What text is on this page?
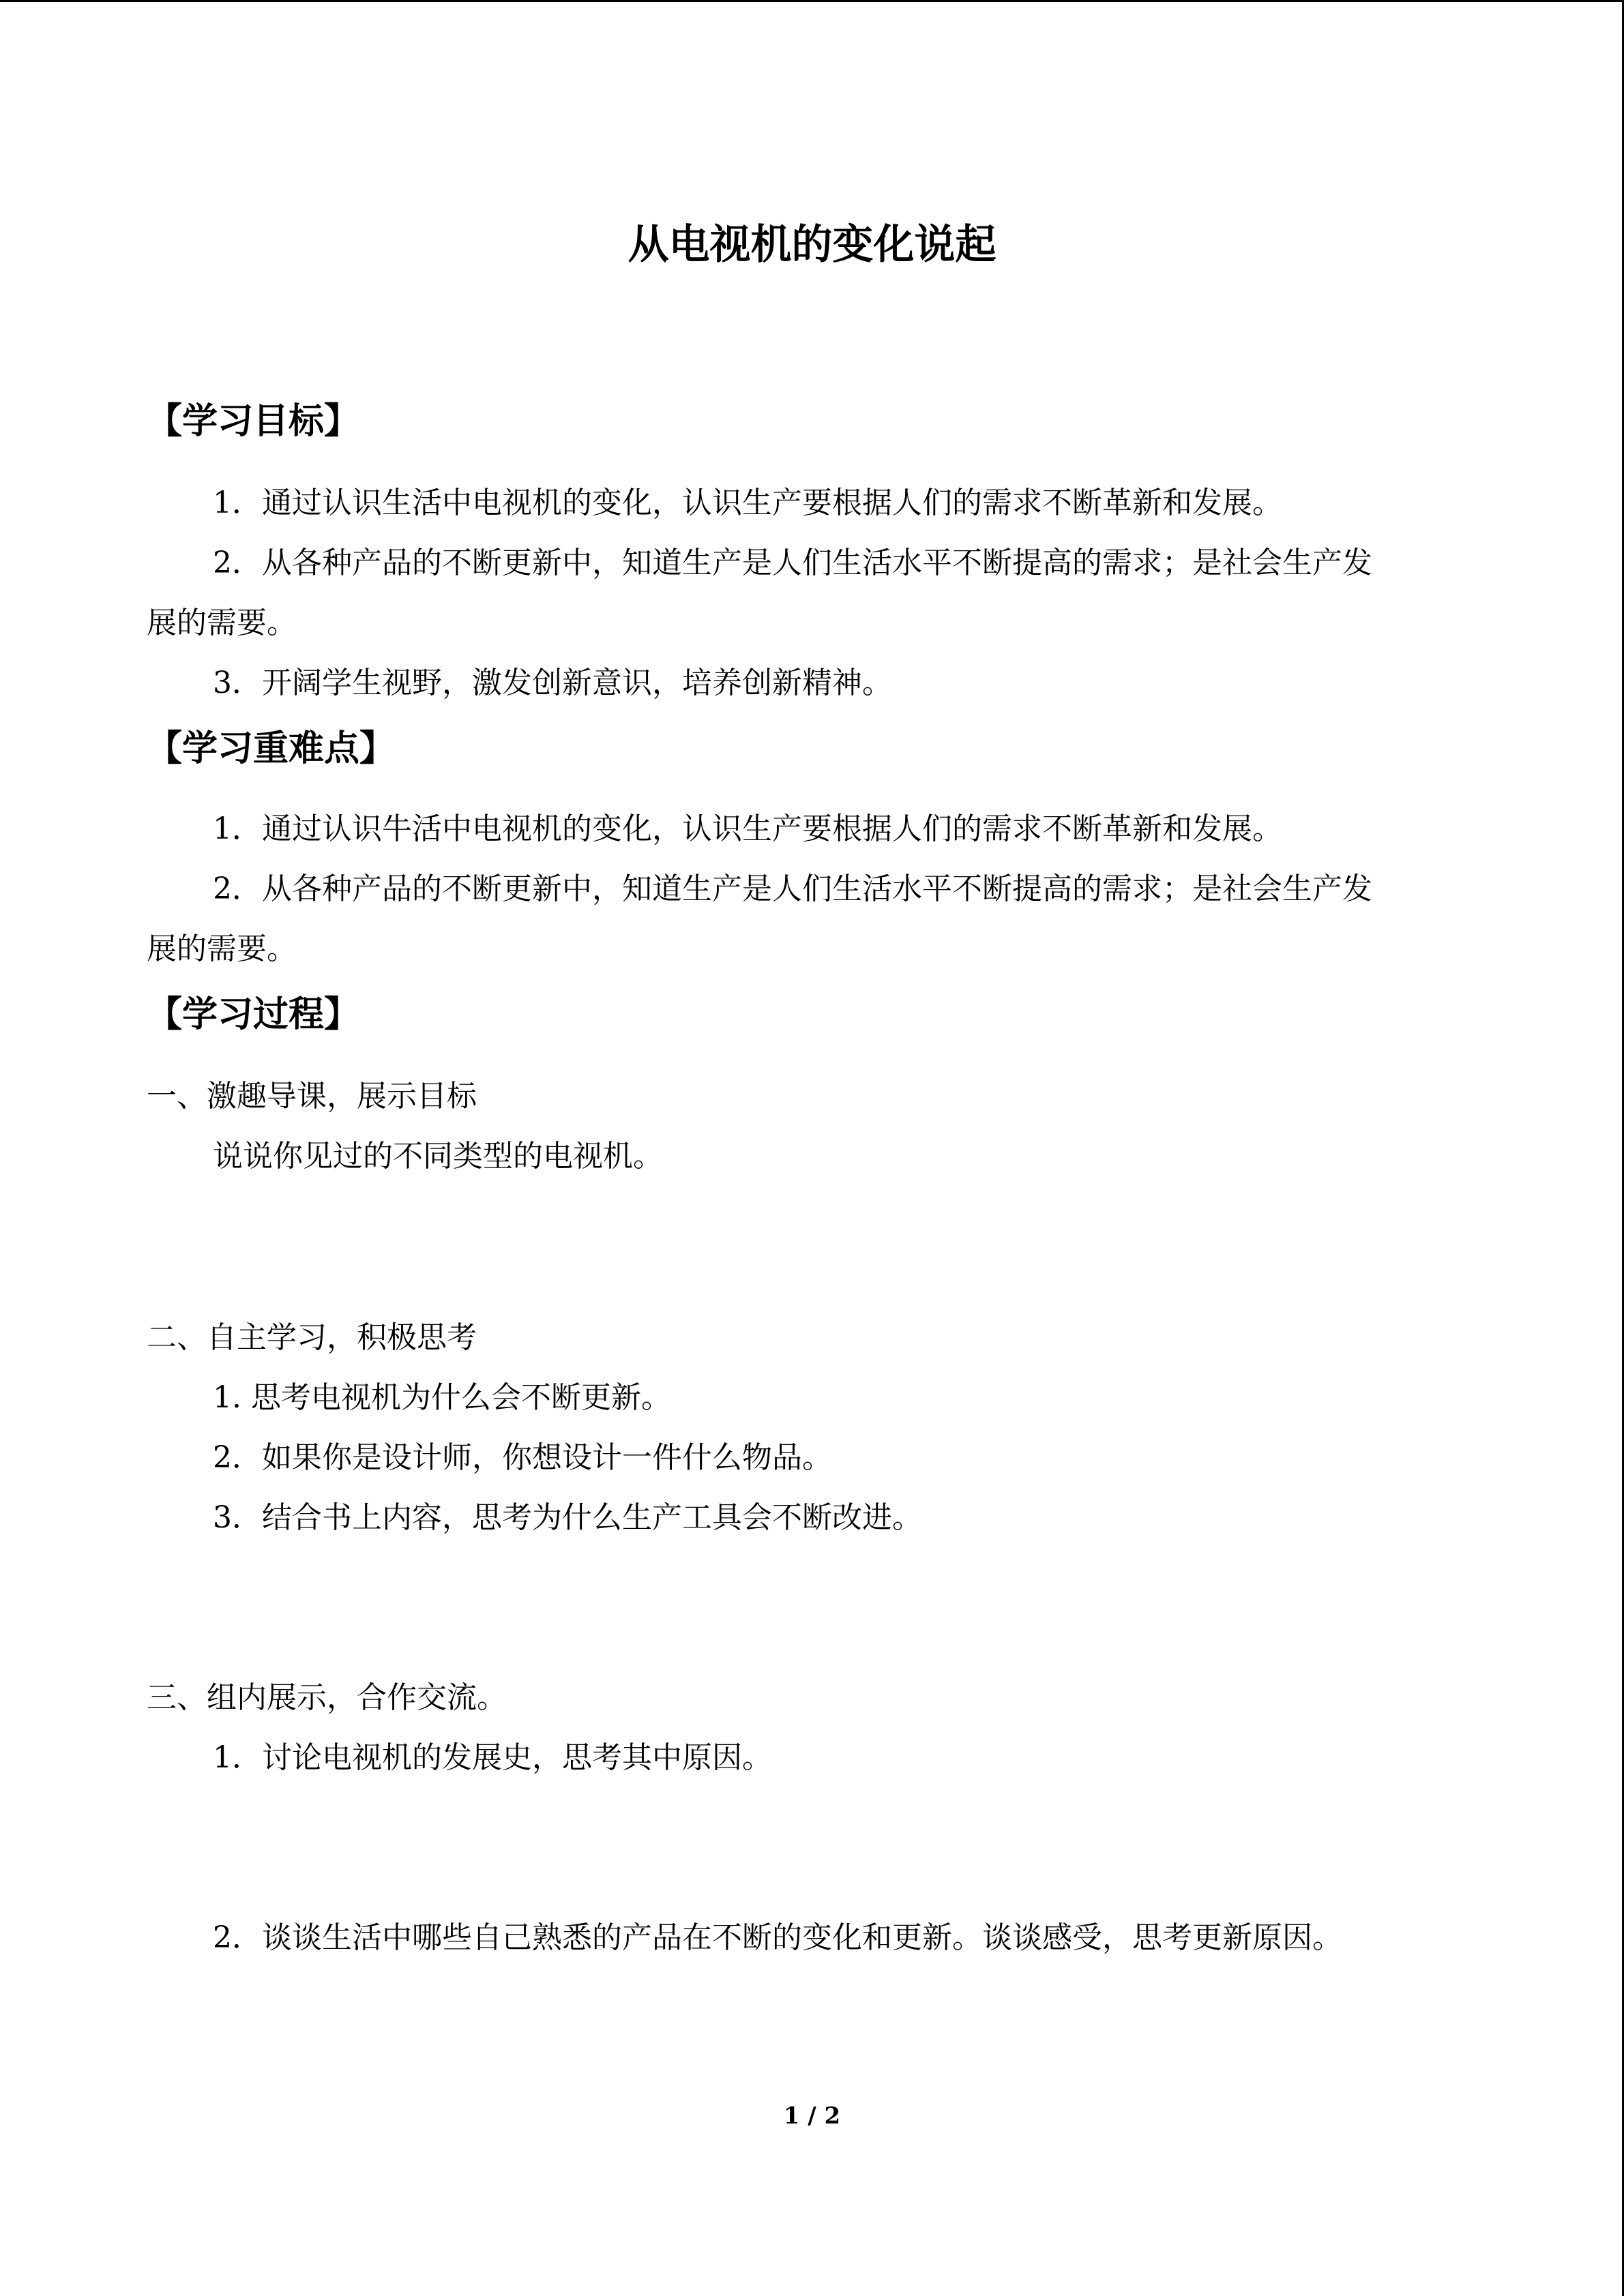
从电视机的变化说起
【学习目标】
1．通过认识生活中电视机的变化，认识生产要根据人们的需求不断革新和发展。
2．从各种产品的不断更新中，知道生产是人们生活水平不断提高的需求；是社会生产发
展的需要。
3．开阔学生视野，激发创新意识，培养创新精神。
【学习重难点】
1．通过认识牛活中电视机的变化，认识生产要根据人们的需求不断革新和发展。
2．从各种产品的不断更新中，知道生产是人们生活水平不断提高的需求；是社会生产发
展的需要。
【学习过程】
一、激趣导课，展示目标
说说你见过的不同类型的电视机。
二、自主学习，积极思考
1. 思考电视机为什么会不断更新。
2．如果你是设计师，你想设计一件什么物品。
3．结合书上内容，思考为什么生产工具会不断改进。
三、组内展示，合作交流。
1．讨论电视机的发展史，思考其中原因。
2．谈谈生活中哪些自己熟悉的产品在不断的变化和更新。谈谈感受，思考更新原因。
1 / 2
